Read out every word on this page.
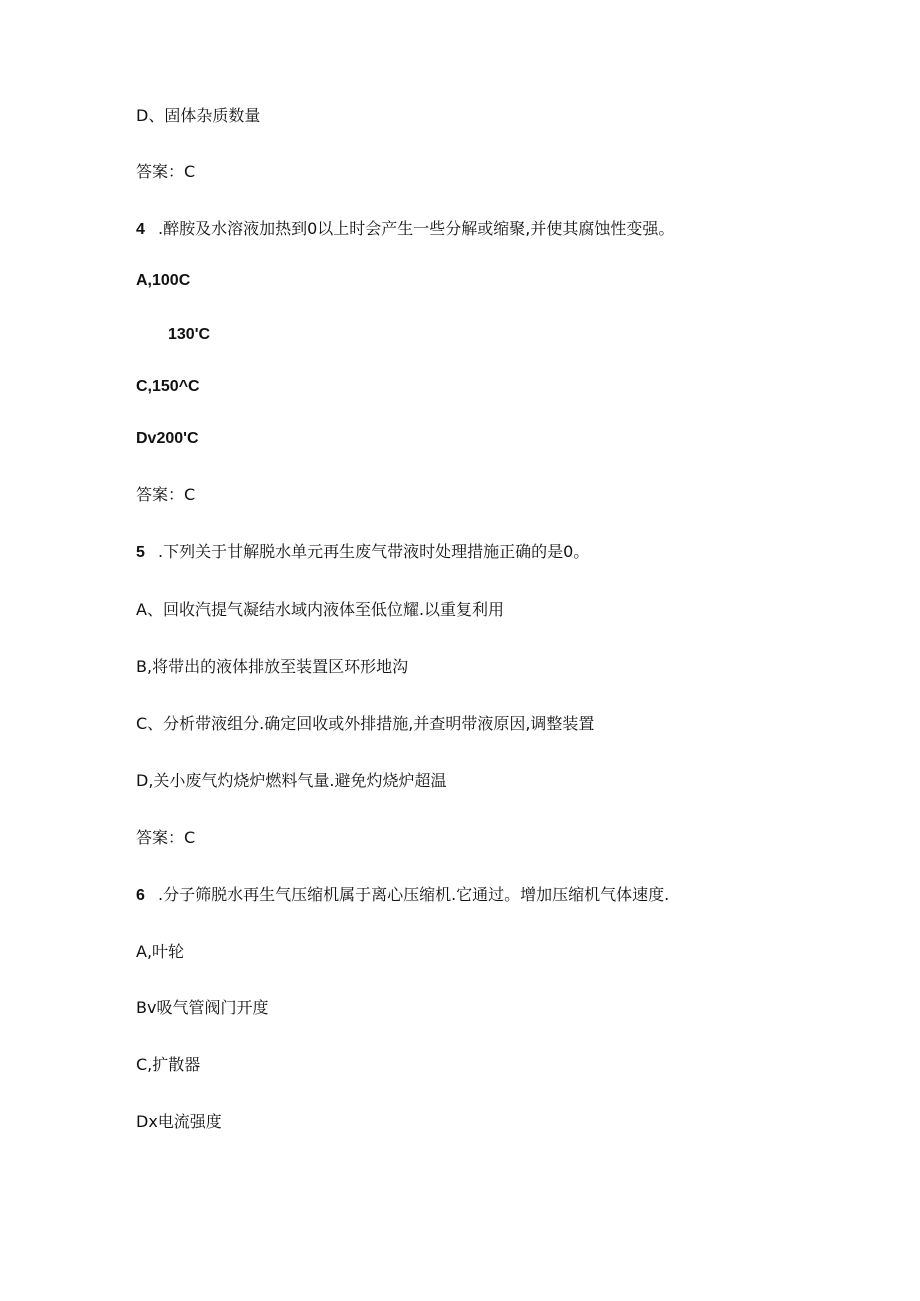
D、固体杂质数量
答案：C
4 .醉胺及水溶液加热到0以上时会产生一些分解或缩聚,并使其腐蚀性变强。
A,100C
130'C
C,150^C
Dv200'C
答案：C
5 .下列关于甘解脱水单元再生废气带液时处理措施正确的是0。
A、回收汽提气凝结水域内液体至低位耀.以重复利用
B,将带出的液体排放至装置区环形地沟
C、分析带液组分.确定回收或外排措施,并查明带液原因,调整装置
D,关小废气灼烧炉燃料气量.避免灼烧炉超温
答案：C
6 .分子筛脱水再生气压缩机属于离心压缩机.它通过。增加压缩机气体速度.
A,叶轮
Bv吸气管阀门开度
C,扩散器
Dx电流强度
